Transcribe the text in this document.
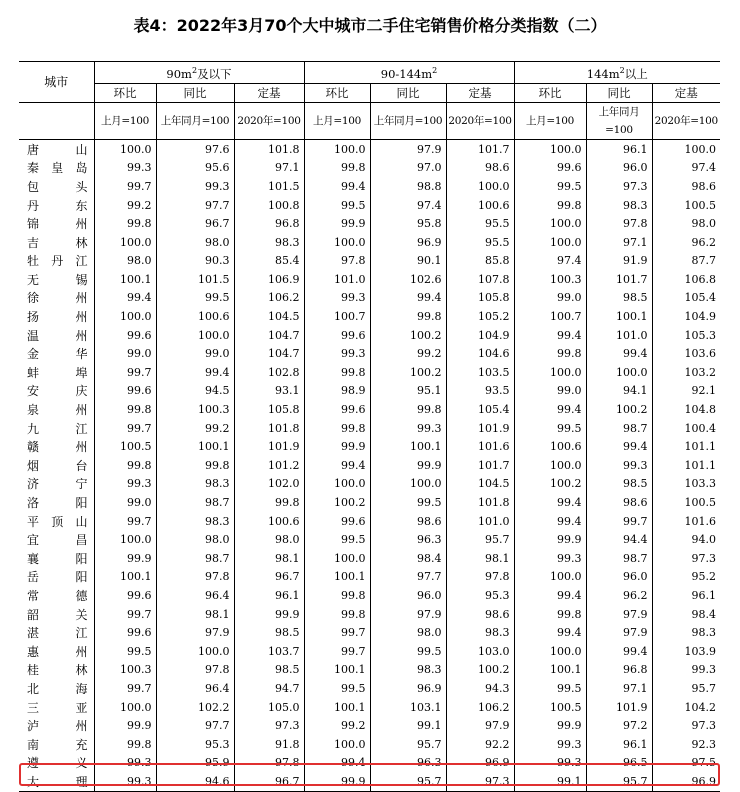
表4：2022年3月70个大中城市二手住宅销售价格分类指数（二）
城市	$90m^2$及以下			$90-144m^2$			$144m^2$以上		
	环比	同比	定基	环比	同比	定基	环比	同比	定基
	上月=100	上年同月=100	2020年=100	上月=100	上年同月=100	2020年=100	上月=100	上年同月=100	2020年=100
唐山	100.0	97.6	101.8	100.0	97.9	101.7	100.0	96.1	100.0
秦皇岛	99.3	95.6	97.1	99.8	97.0	98.6	99.6	96.0	97.4
包头	99.7	99.3	101.5	99.4	98.8	100.0	99.5	97.3	98.6
丹东	99.2	97.7	100.8	99.5	97.4	100.6	99.8	98.3	100.5
锦州	99.8	96.7	96.8	99.9	95.8	95.5	100.0	97.8	98.0
吉林	100.0	98.0	98.3	100.0	96.9	95.5	100.0	97.1	96.2
牡丹江	98.0	90.3	85.4	97.8	90.1	85.8	97.4	91.9	87.7
无锡	100.1	101.5	106.9	101.0	102.6	107.8	100.3	101.7	106.8
徐州	99.4	99.5	106.2	99.3	99.4	105.8	99.0	98.5	105.4
扬州	100.0	100.6	104.5	100.7	99.8	105.2	100.7	100.1	104.9
温州	99.6	100.0	104.7	99.6	100.2	104.9	99.4	101.0	105.3
金华	99.0	99.0	104.7	99.3	99.2	104.6	99.8	99.4	103.6
蚌埠	99.7	99.4	102.8	99.8	100.2	103.5	100.0	100.0	103.2
安庆	99.6	94.5	93.1	98.9	95.1	93.5	99.0	94.1	92.1
泉州	99.8	100.3	105.8	99.6	99.8	105.4	99.4	100.2	104.8
九江	99.7	99.2	101.8	99.8	99.3	101.9	99.5	98.7	100.4
赣州	100.5	100.1	101.9	99.9	100.1	101.6	100.6	99.4	101.1
烟台	99.8	99.8	101.2	99.4	99.9	101.7	100.0	99.3	101.1
济宁	99.3	98.3	102.0	100.0	100.0	104.5	100.2	98.5	103.3
洛阳	99.0	98.7	99.8	100.2	99.5	101.8	99.4	98.6	100.5
平顶山	99.7	98.3	100.6	99.6	98.6	101.0	99.4	99.7	101.6
宜昌	100.0	98.0	98.0	99.5	96.3	95.7	99.9	94.4	94.0
襄阳	99.9	98.7	98.1	100.0	98.4	98.1	99.3	98.7	97.3
岳阳	100.1	97.8	96.7	100.1	97.7	97.8	100.0	96.0	95.2
常德	99.6	96.4	96.1	99.8	96.0	95.3	99.4	96.2	96.1
韶关	99.7	98.1	99.9	99.8	97.9	98.6	99.8	97.9	98.4
湛江	99.6	97.9	98.5	99.7	98.0	98.3	99.4	97.9	98.3
惠州	99.5	100.0	103.7	99.7	99.5	103.0	100.0	99.4	103.9
桂林	100.3	97.8	98.5	100.1	98.3	100.2	100.1	96.8	99.3
北海	99.7	96.4	94.7	99.5	96.9	94.3	99.5	97.1	95.7
三亚	100.0	102.2	105.0	100.1	103.1	106.2	100.5	101.9	104.2
泸州	99.9	97.7	97.3	99.2	99.1	97.9	99.9	97.2	97.3
南充	99.8	95.3	91.8	100.0	95.7	92.2	99.3	96.1	92.3
遵义	99.3	95.9	97.8	99.4	96.3	96.9	99.3	96.5	97.5
大理	99.3	94.6	96.7	99.9	95.7	97.3	99.1	95.7	96.9
